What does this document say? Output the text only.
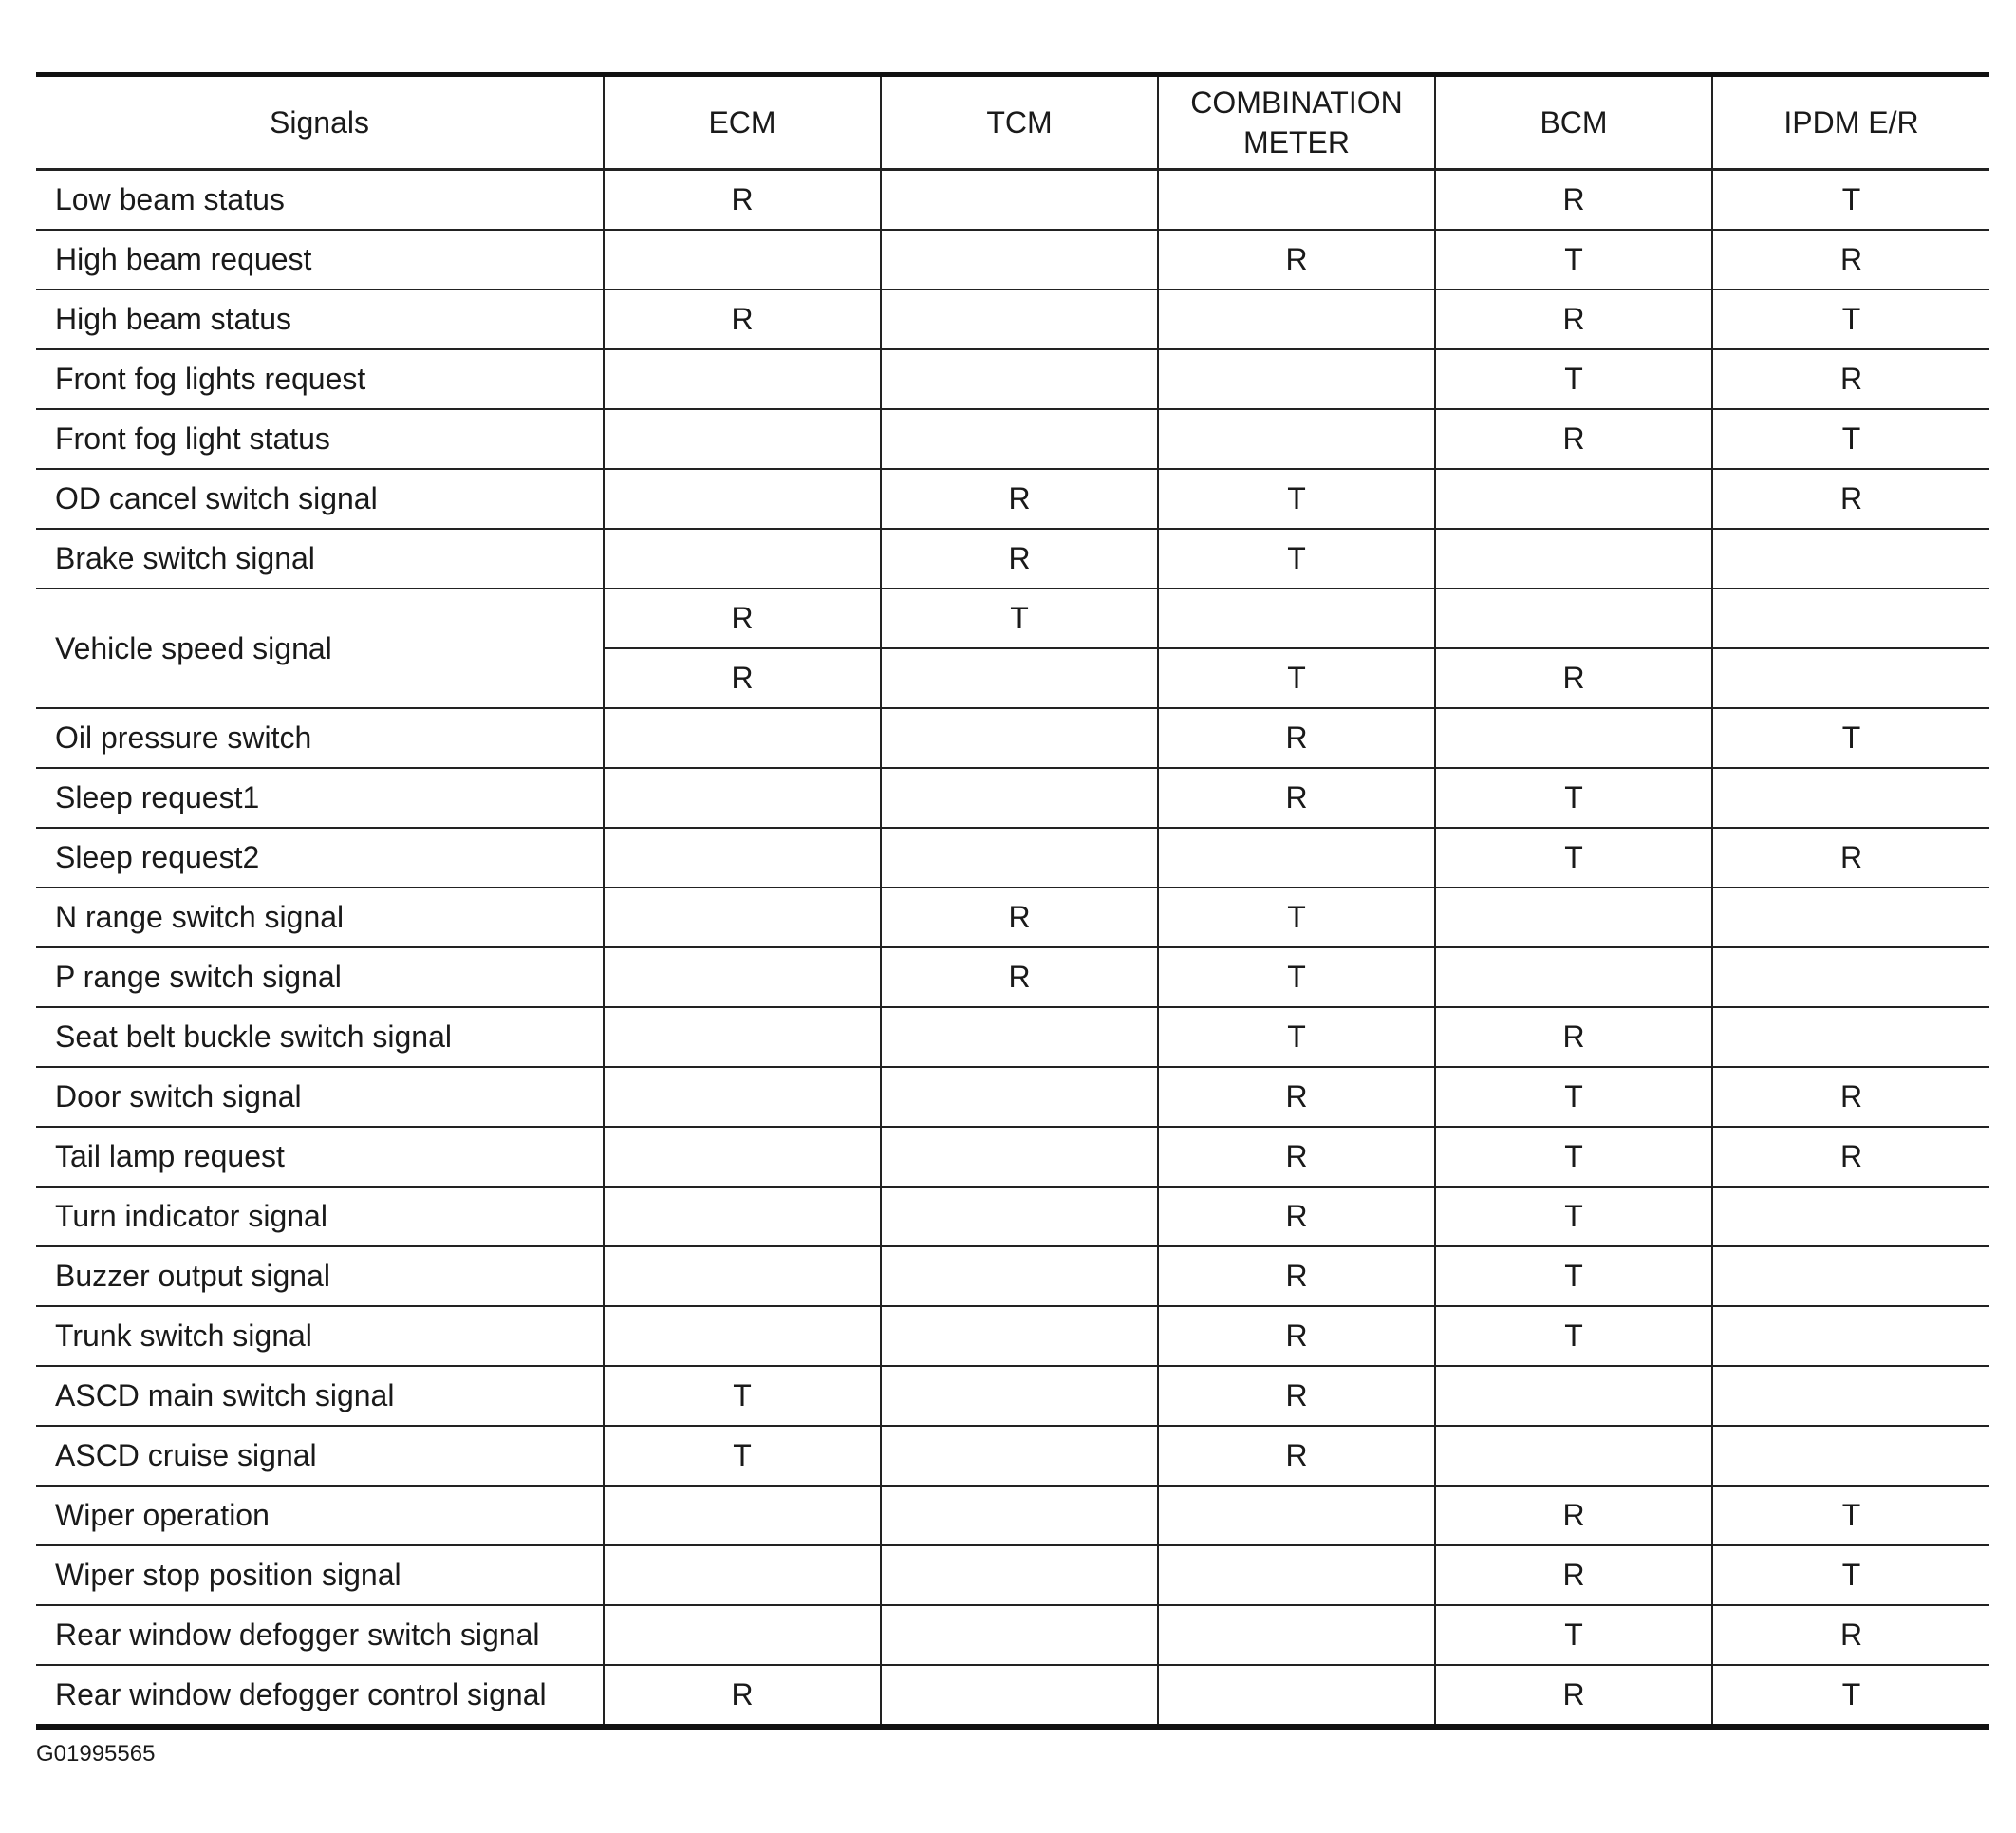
Signals	ECM	TCM	COMBINATION
METER	BCM	IPDM E/R
Low beam status	R			R	T
High beam request			R	T	R
High beam status	R			R	T
Front fog lights request				T	R
Front fog light status				R	T
OD cancel switch signal		R	T		R
Brake switch signal		R	T		
Vehicle speed signal	R	T			
	R		T	R	
Oil pressure switch			R		T
Sleep request1			R	T	
Sleep request2				T	R
N range switch signal		R	T		
P range switch signal		R	T		
Seat belt buckle switch signal			T	R	
Door switch signal			R	T	R
Tail lamp request			R	T	R
Turn indicator signal			R	T	
Buzzer output signal			R	T	
Trunk switch signal			R	T	
ASCD main switch signal	T		R		
ASCD cruise signal	T		R		
Wiper operation				R	T
Wiper stop position signal				R	T
Rear window defogger switch signal				T	R
Rear window defogger control signal	R			R	T
G01995565
